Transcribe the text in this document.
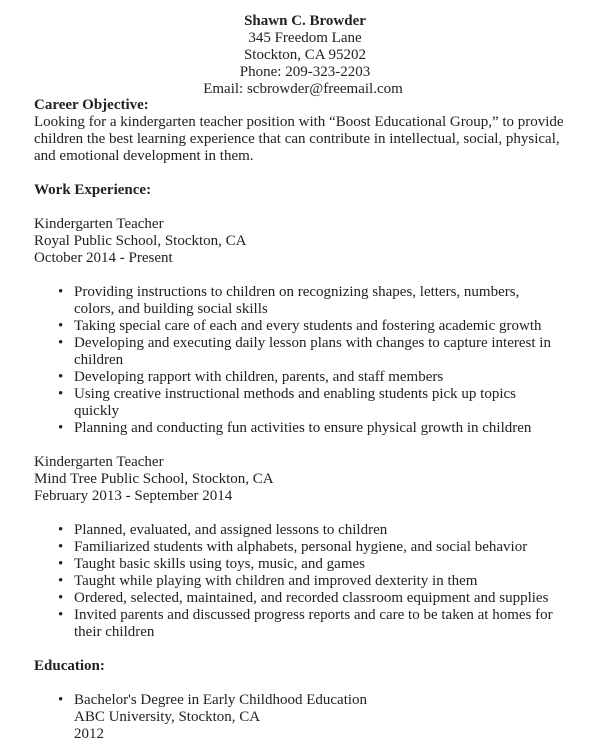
Shawn C. Browder
345 Freedom Lane
Stockton, CA 95202
Phone: 209-323-2203
Email: scbrowder@freemail.com
Career Objective:
Looking for a kindergarten teacher position with “Boost Educational Group,” to provide
children the best learning experience that can contribute in intellectual, social, physical,
and emotional development in them.
Work Experience:
Kindergarten Teacher
Royal Public School, Stockton, CA
October 2014 - Present
• Providing instructions to children on recognizing shapes, letters, numbers,
colors, and building social skills
• Taking special care of each and every students and fostering academic growth
• Developing and executing daily lesson plans with changes to capture interest in
children
• Developing rapport with children, parents, and staff members
• Using creative instructional methods and enabling students pick up topics
quickly
• Planning and conducting fun activities to ensure physical growth in children
Kindergarten Teacher
Mind Tree Public School, Stockton, CA
February 2013 - September 2014
• Planned, evaluated, and assigned lessons to children
• Familiarized students with alphabets, personal hygiene, and social behavior
• Taught basic skills using toys, music, and games
• Taught while playing with children and improved dexterity in them
• Ordered, selected, maintained, and recorded classroom equipment and supplies
• Invited parents and discussed progress reports and care to be taken at homes for
their children
Education:
• Bachelor's Degree in Early Childhood Education
ABC University, Stockton, CA
2012
